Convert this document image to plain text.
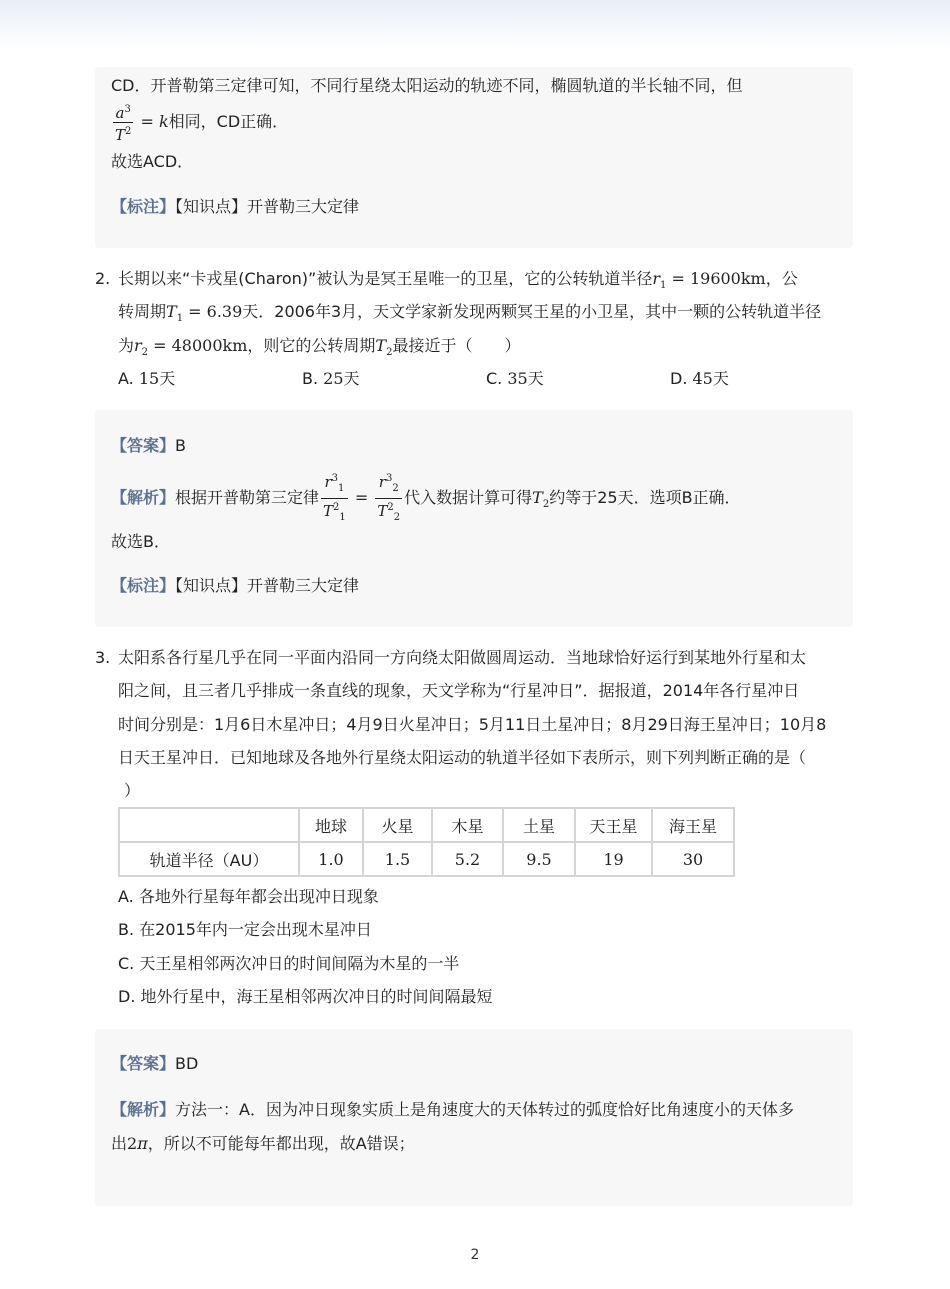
CD．开普勒第三定律可知，不同行星绕太阳运动的轨迹不同，椭圆轨道的半长轴不同，但
$\frac{a^3}{T^2} = k$相同，CD正确．
故选ACD．
【标注】【知识点】开普勒三大定律
2. 长期以来“卡戎星(Charon)”被认为是冥王星唯一的卫星，它的公转轨道半径$r_1 = 19600km$，公
转周期$T_1 = 6.39$天．2006年3月，天文学家新发现两颗冥王星的小卫星，其中一颗的公转轨道半径
为$r_2 = 48000km$，则它的公转周期$T_2$最接近于（　　）
A. 15天	B. 25天	C. 35天	D. 45天
【答案】B
【解析】根据开普勒第三定律 $\frac{r^3_1}{T^2_1} = \frac{r^3_2}{T^2_2}$ 代入数据计算可得$T_2$约等于25天．选项B正确．
故选B．
【标注】【知识点】开普勒三大定律
3. 太阳系各行星几乎在同一平面内沿同一方向绕太阳做圆周运动．当地球恰好运行到某地外行星和太
阳之间，且三者几乎排成一条直线的现象，天文学称为“行星冲日”．据报道，2014年各行星冲日
时间分别是：1月6日木星冲日；4月9日火星冲日；5月11日土星冲日；8月29日海王星冲日；10月8
日天王星冲日．已知地球及各地外行星绕太阳运动的轨道半径如下表所示，则下列判断正确的是（
）
	地球	火星	木星	土星	天王星	海王星
轨道半径（AU）	1.0	1.5	5.2	9.5	19	30
A. 各地外行星每年都会出现冲日现象
B. 在2015年内一定会出现木星冲日
C. 天王星相邻两次冲日的时间间隔为木星的一半
D. 地外行星中，海王星相邻两次冲日的时间间隔最短
【答案】BD
【解析】方法一：A．因为冲日现象实质上是角速度大的天体转过的弧度恰好比角速度小的天体多
出2π，所以不可能每年都出现，故A错误；
2
